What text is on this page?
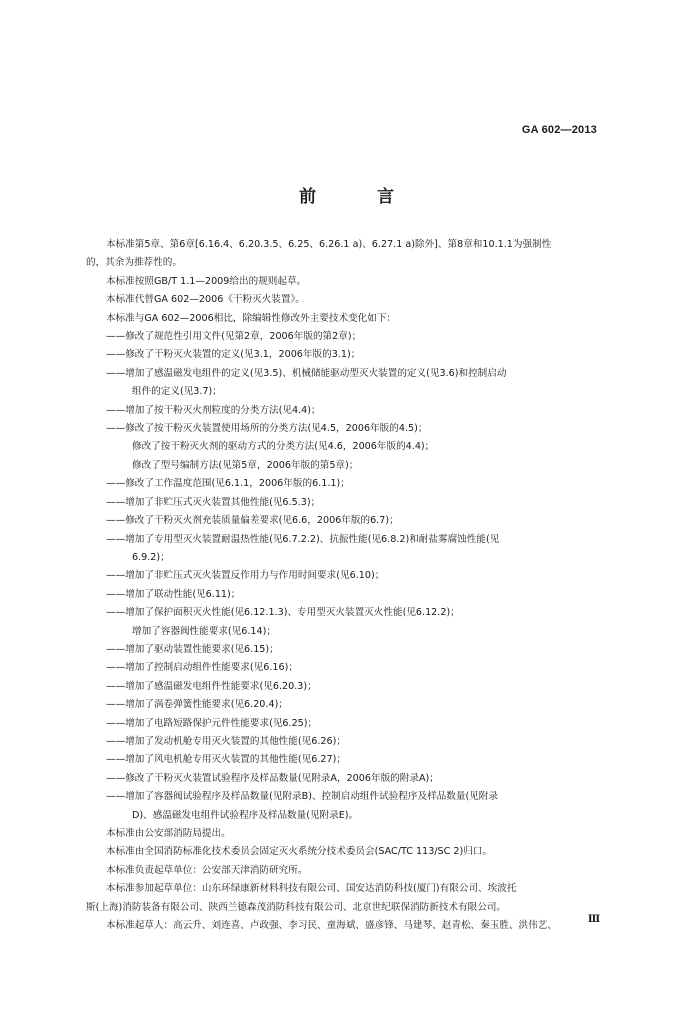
GA 602—2013
前　言

本标准第5章、第6章[6.16.4、6.20.3.5、6.25、6.26.1 a)、6.27.1 a)除外]、第8章和10.1.1为强制性

的，其余为推荐性的。

本标准按照GB/T 1.1—2009给出的规则起草。

本标准代替GA 602—2006《干粉灭火装置》。

本标准与GA 602—2006相比，除编辑性修改外主要技术变化如下：

——修改了规范性引用文件(见第2章，2006年版的第2章)；

——修改了干粉灭火装置的定义(见3.1，2006年版的3.1)；

——增加了感温磁发电组件的定义(见3.5)、机械储能驱动型灭火装置的定义(见3.6)和控制启动

组件的定义(见3.7)；

——增加了按干粉灭火剂粒度的分类方法(见4.4)；

——修改了按干粉灭火装置使用场所的分类方法(见4.5，2006年版的4.5)；

修改了按干粉灭火剂的驱动方式的分类方法(见4.6，2006年版的4.4)；

修改了型号编制方法(见第5章，2006年版的第5章)；

——修改了工作温度范围(见6.1.1，2006年版的6.1.1)；

——增加了非贮压式灭火装置其他性能(见6.5.3)；

——修改了干粉灭火剂充装质量偏差要求(见6.6，2006年版的6.7)；

——增加了专用型灭火装置耐温热性能(见6.7.2.2)、抗振性能(见6.8.2)和耐盐雾腐蚀性能(见

6.9.2)；

——增加了非贮压式灭火装置反作用力与作用时间要求(见6.10)；

——增加了联动性能(见6.11)；

——增加了保护面积灭火性能(见6.12.1.3)、专用型灭火装置灭火性能(见6.12.2)；

增加了容器阀性能要求(见6.14)；

——增加了驱动装置性能要求(见6.15)；

——增加了控制启动组件性能要求(见6.16)；

——增加了感温磁发电组件性能要求(见6.20.3)；

——增加了涡卷弹簧性能要求(见6.20.4)；

——增加了电路短路保护元件性能要求(见6.25)；

——增加了发动机舱专用灭火装置的其他性能(见6.26)；

——增加了风电机舱专用灭火装置的其他性能(见6.27)；

——修改了干粉灭火装置试验程序及样品数量(见附录A，2006年版的附录A)；

——增加了容器阀试验程序及样品数量(见附录B)、控制启动组件试验程序及样品数量(见附录

D)、感温磁发电组件试验程序及样品数量(见附录E)。

本标准由公安部消防局提出。

本标准由全国消防标准化技术委员会固定灭火系统分技术委员会(SAC/TC 113/SC 2)归口。

本标准负责起草单位：公安部天津消防研究所。

本标准参加起草单位：山东环绿康新材料科技有限公司、国安达消防科技(厦门)有限公司、埃波托

斯(上海)消防装备有限公司、陕西兰德森茂消防科技有限公司、北京世纪联保消防新技术有限公司。

本标准起草人：高云升、刘连喜、卢政强、李习民、童海斌、盛彦锋、马建琴、赵青松、秦玉胜、洪伟艺、

Ⅲ
